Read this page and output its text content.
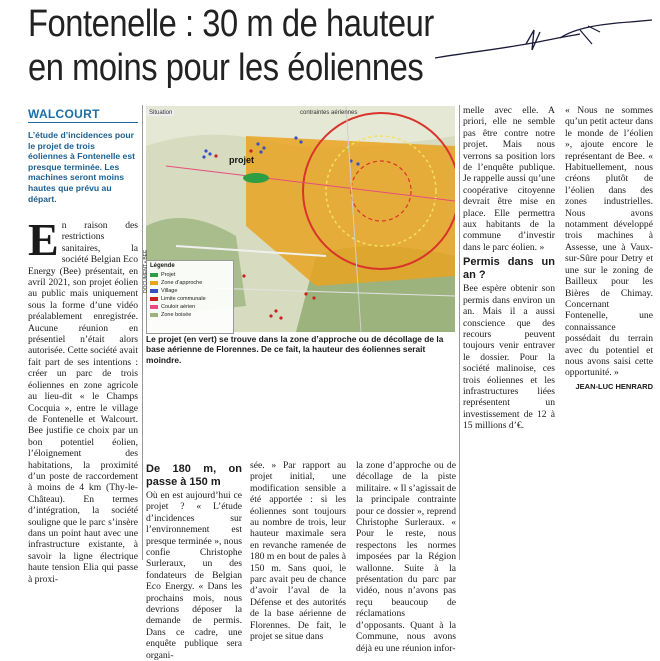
Fontenelle : 30 m de hauteur
en moins pour les éoliennes
WALCOURT
L’étude d’incidences pour le projet de trois éoliennes à Fontenelle est presque terminée. Les machines seront moins hautes que prévu au départ.
E n raison des restrictions sanitaires, la société Belgian Eco Energy (Bee) présentait, en avril 2021, son projet éolien au public mais uniquement sous la forme d’une vidéo préalablement enregistrée. Aucune réunion en présentiel n’était alors autorisée. Cette société avait fait part de ses intentions : créer un parc de trois éoliennes en zone agricole au lieu-dit « le Champs Cocquia », entre le village de Fontenelle et Walcourt. Bee justifie ce choix par un bon potentiel éolien, l’éloignement des habitations, la proximité d’un poste de raccordement à moins de 4 km (Thy-le-Château). En termes d’intégration, la société souligne que le parc s’insère dans un point haut avec une infrastructure existante, à savoir la ligne électrique haute tension Elia qui passe à proxi-
Légende
Projet
Zone d’approche
Village
Limite communale
Couloir aérien
Zone boisée
projet
contraintes aériennes
Situation
DOCUMENT • BEE
Le projet (en vert) se trouve dans la zone d’approche ou de décollage de la base aérienne de Florennes. De ce fait, la hauteur des éoliennes serait moindre.
De 180 m, on passe à 150 m

Où en est aujourd’hui ce projet ? « L’étude d’incidences sur l’environnement est presque terminée », nous confie Christophe Surleraux, un des fondateurs de Belgian Eco Energy. « Dans les prochains mois, nous devrions déposer la demande de permis. Dans ce cadre, une enquête publique sera organi-

sée. » Par rapport au projet initial, une modification sensible a été apportée : si les éoliennes sont toujours au nombre de trois, leur hauteur maximale sera en revanche ramenée de 180 m en bout de pales à 150 m. Sans quoi, le parc avait peu de chance d’avoir l’aval de la Défense et des autorités de la base aérienne de Florennes. De fait, le projet se situe dans

la zone d’approche ou de décollage de la piste militaire. « Il s’agissait de la principale contrainte pour ce dossier », reprend Christophe Surleraux. « Pour le reste, nous respectons les normes imposées par la Région wallonne. Suite à la présentation du parc par vidéo, nous n’avons pas reçu beaucoup de réclamations d’opposants. Quant à la Commune, nous avons déjà eu une réunion infor-

melle avec elle. A priori, elle ne semble pas être contre notre projet. Mais nous verrons sa position lors de l’enquête publique. Je rappelle aussi qu’une coopérative citoyenne devrait être mise en place. Elle permettra aux habitants de la commune d’investir dans le parc éolien. »

Permis dans un an ?

Bee espère obtenir son permis dans environ un an. Mais il a aussi conscience que des recours peuvent toujours venir entraver le dossier. Pour la société malinoise, ces trois éoliennes et les infrastructures liées représentent un investissement de 12 à 15 millions d’€.

« Nous ne sommes qu’un petit acteur dans le monde de l’éolien », ajoute encore le représentant de Bee. « Habituellement, nous créons plutôt de l’éolien dans des zones industrielles. Nous avons notamment développé trois machines à Assesse, une à Vaux-sur-Sûre pour Detry et une sur le zoning de Bailleux pour les Bières de Chimay. Concernant Fontenelle, une connaissance possédait du terrain avec du potentiel et nous avons saisi cette opportunité. »

JEAN-LUC HENRARD
